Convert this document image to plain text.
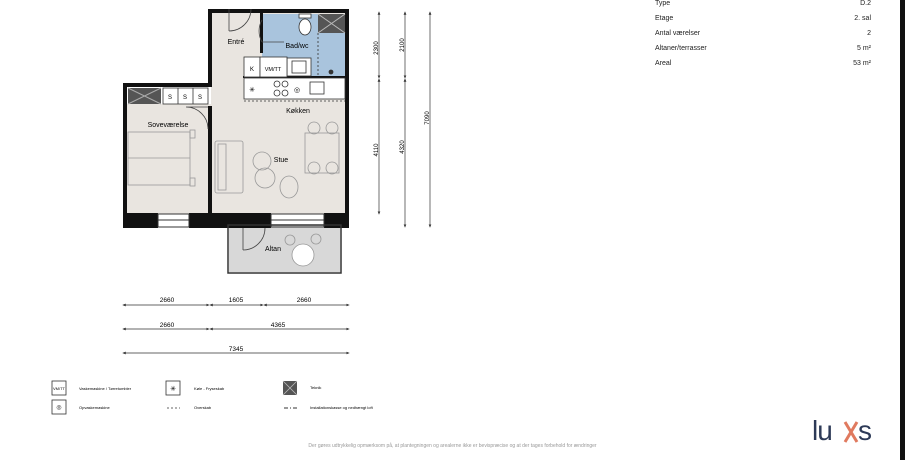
Type	D.2
Etage	2. sal
Antal værelser	2
Altaner/terrasser	5 m²
Areal	53 m²
Entré
Bad/wc
Køkken
Soveværelse
Stue
Altan
K VM/TT
S S S
✳	◎
2300	2100
4110	4320
7090
2660	1605	2660
2660	4365
7345
VM/TT	Vaskemaskine / Tørretumbler
◎	Opvaskemaskine
✳	Køle - Fryseskab
Overskab
Teknik
Installationskasse og nedhængt loft
Der gøres udtrykkelig opmærksom på, at plantegningen og arealerne ikke er bevispræcise og at der tages forbehold for ændringer	lu s
